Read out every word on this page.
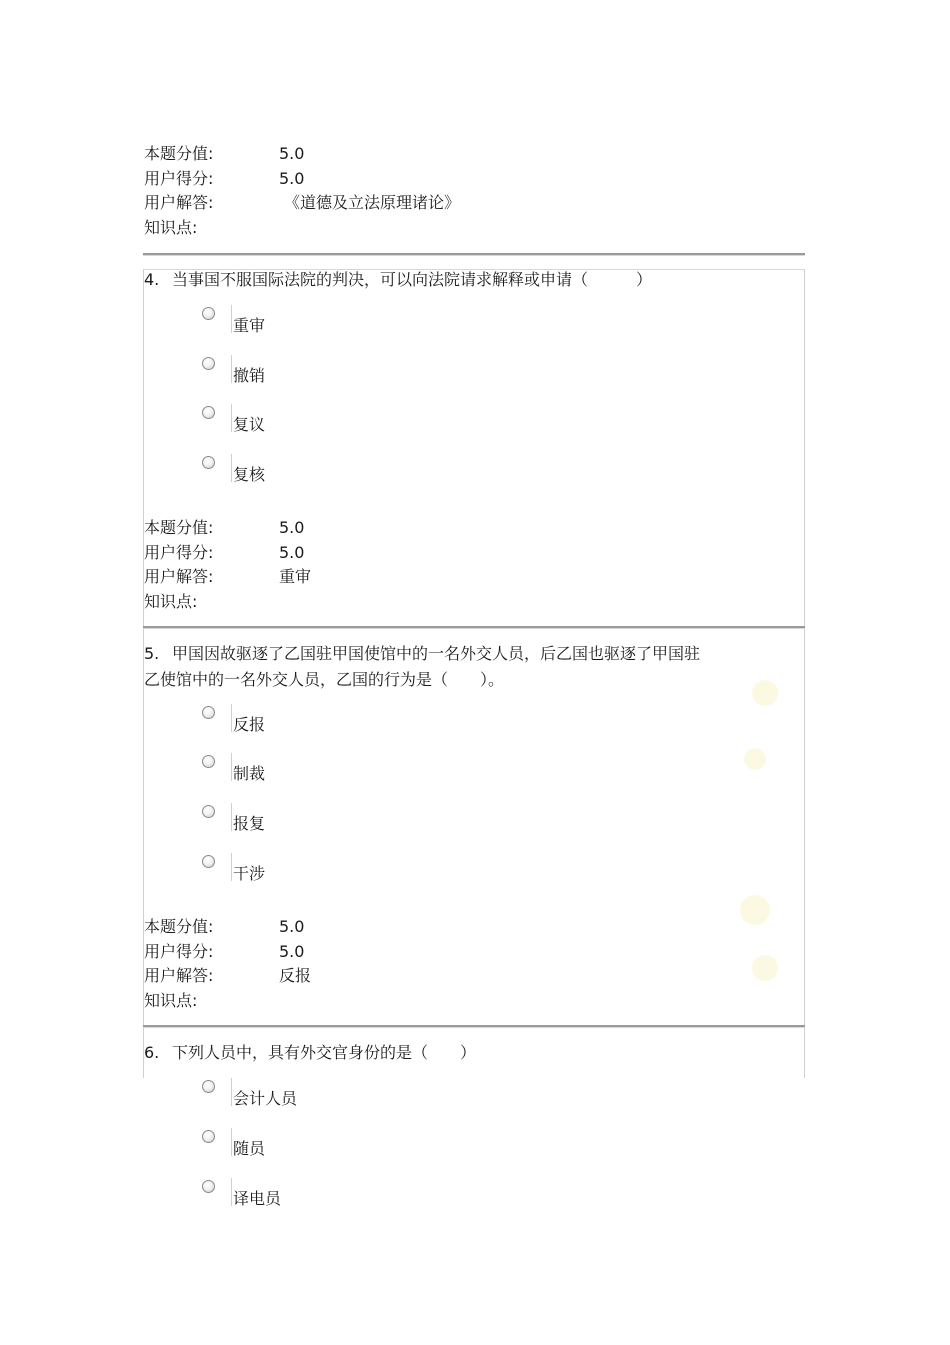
本题分值:	5.0
用户得分:	5.0
用户解答:	《道德及立法原理诸论》
知识点:
4. 当事国不服国际法院的判决，可以向法院请求解释或申请（　　　）
重审
撤销
复议
复核
本题分值:	5.0
用户得分:	5.0
用户解答:	重审
知识点:
5. 甲国因故驱逐了乙国驻甲国使馆中的一名外交人员，后乙国也驱逐了甲国驻
乙使馆中的一名外交人员，乙国的行为是（　　）。
反报
制裁
报复
干涉
本题分值:	5.0
用户得分:	5.0
用户解答:	反报
知识点:
6. 下列人员中，具有外交官身份的是（　　）
会计人员
随员
译电员
